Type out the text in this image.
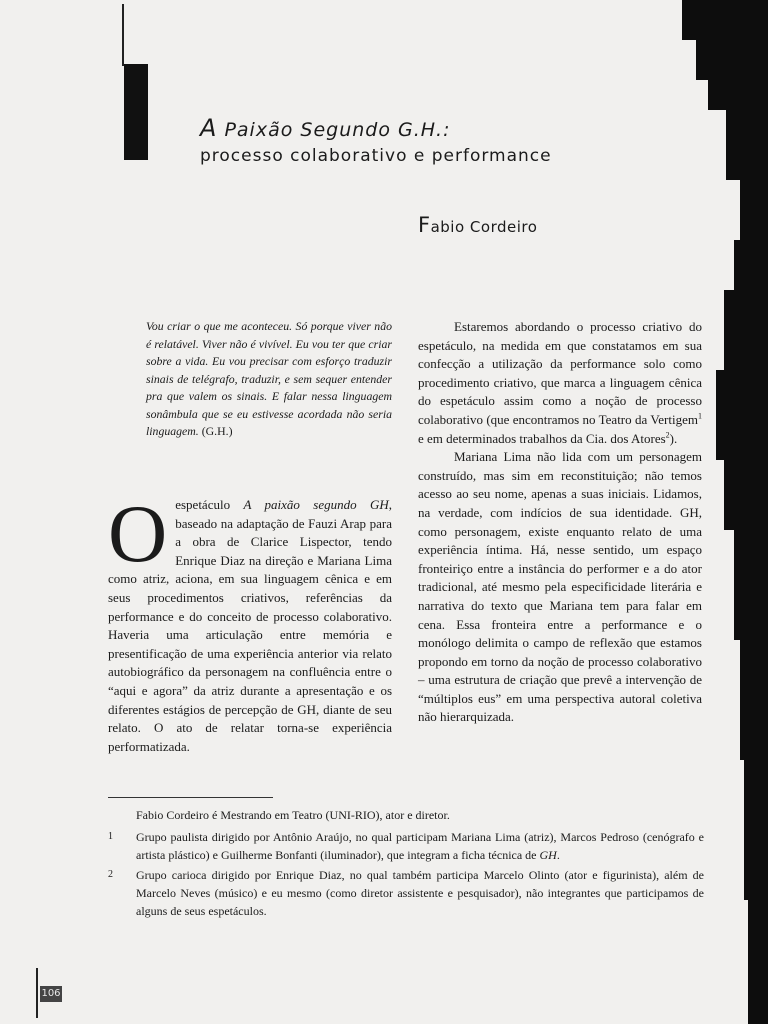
A Paixão Segundo G.H.:
processo colaborativo e performance
Fabio Cordeiro
Vou criar o que me aconteceu. Só porque viver não é relatável. Viver não é vivível. Eu vou ter que criar sobre a vida. Eu vou precisar com esforço traduzir sinais de telégrafo, traduzir, e sem sequer entender pra que valem os sinais. E falar nessa linguagem sonâmbula que se eu estivesse acordada não seria linguagem. (G.H.)

Oespetáculo A paixão segundo GH, baseado na adaptação de Fauzi Arap para a obra de Clarice Lispector, tendo Enrique Diaz na direção e Mariana Lima como atriz, aciona, em sua linguagem cênica e em seus procedimentos criativos, referências da performance e do conceito de processo colaborativo. Haveria uma articulação entre memória e presentificação de uma experiência anterior via relato autobiográfico da personagem na confluência entre o “aqui e agora” da atriz durante a apresentação e os diferentes estágios de percepção de GH, diante de seu relato. O ato de relatar torna-se experiência performatizada.

Estaremos abordando o processo criativo do espetáculo, na medida em que constatamos em sua confecção a utilização da performance solo como procedimento criativo, que marca a linguagem cênica do espetáculo assim como a noção de processo colaborativo (que encontramos no Teatro da Vertigem$^1$ e em determinados trabalhos da Cia. dos Atores$^2$).

Mariana Lima não lida com um personagem construído, mas sim em reconstituição; não temos acesso ao seu nome, apenas a suas iniciais. Lidamos, na verdade, com indícios de sua identidade. GH, como personagem, existe enquanto relato de uma experiência íntima. Há, nesse sentido, um espaço fronteiriço entre a instância do performer e a do ator tradicional, até mesmo pela especificidade literária e narrativa do texto que Mariana tem para falar em cena. Essa fronteira entre a performance e o monólogo delimita o campo de reflexão que estamos propondo em torno da noção de processo colaborativo – uma estrutura de criação que prevê a intervenção de “múltiplos eus” em uma perspectiva autoral coletiva não hierarquizada.

Fabio Cordeiro é Mestrando em Teatro (UNI-RIO), ator e diretor.
1	Grupo paulista dirigido por Antônio Araújo, no qual participam Mariana Lima (atriz), Marcos Pedroso (cenógrafo e artista plástico) e Guilherme Bonfanti (iluminador), que integram a ficha técnica de GH.
2	Grupo carioca dirigido por Enrique Diaz, no qual também participa Marcelo Olinto (ator e figurinista), além de Marcelo Neves (músico) e eu mesmo (como diretor assistente e pesquisador), não integrantes que participamos de alguns de seus espetáculos.
106
